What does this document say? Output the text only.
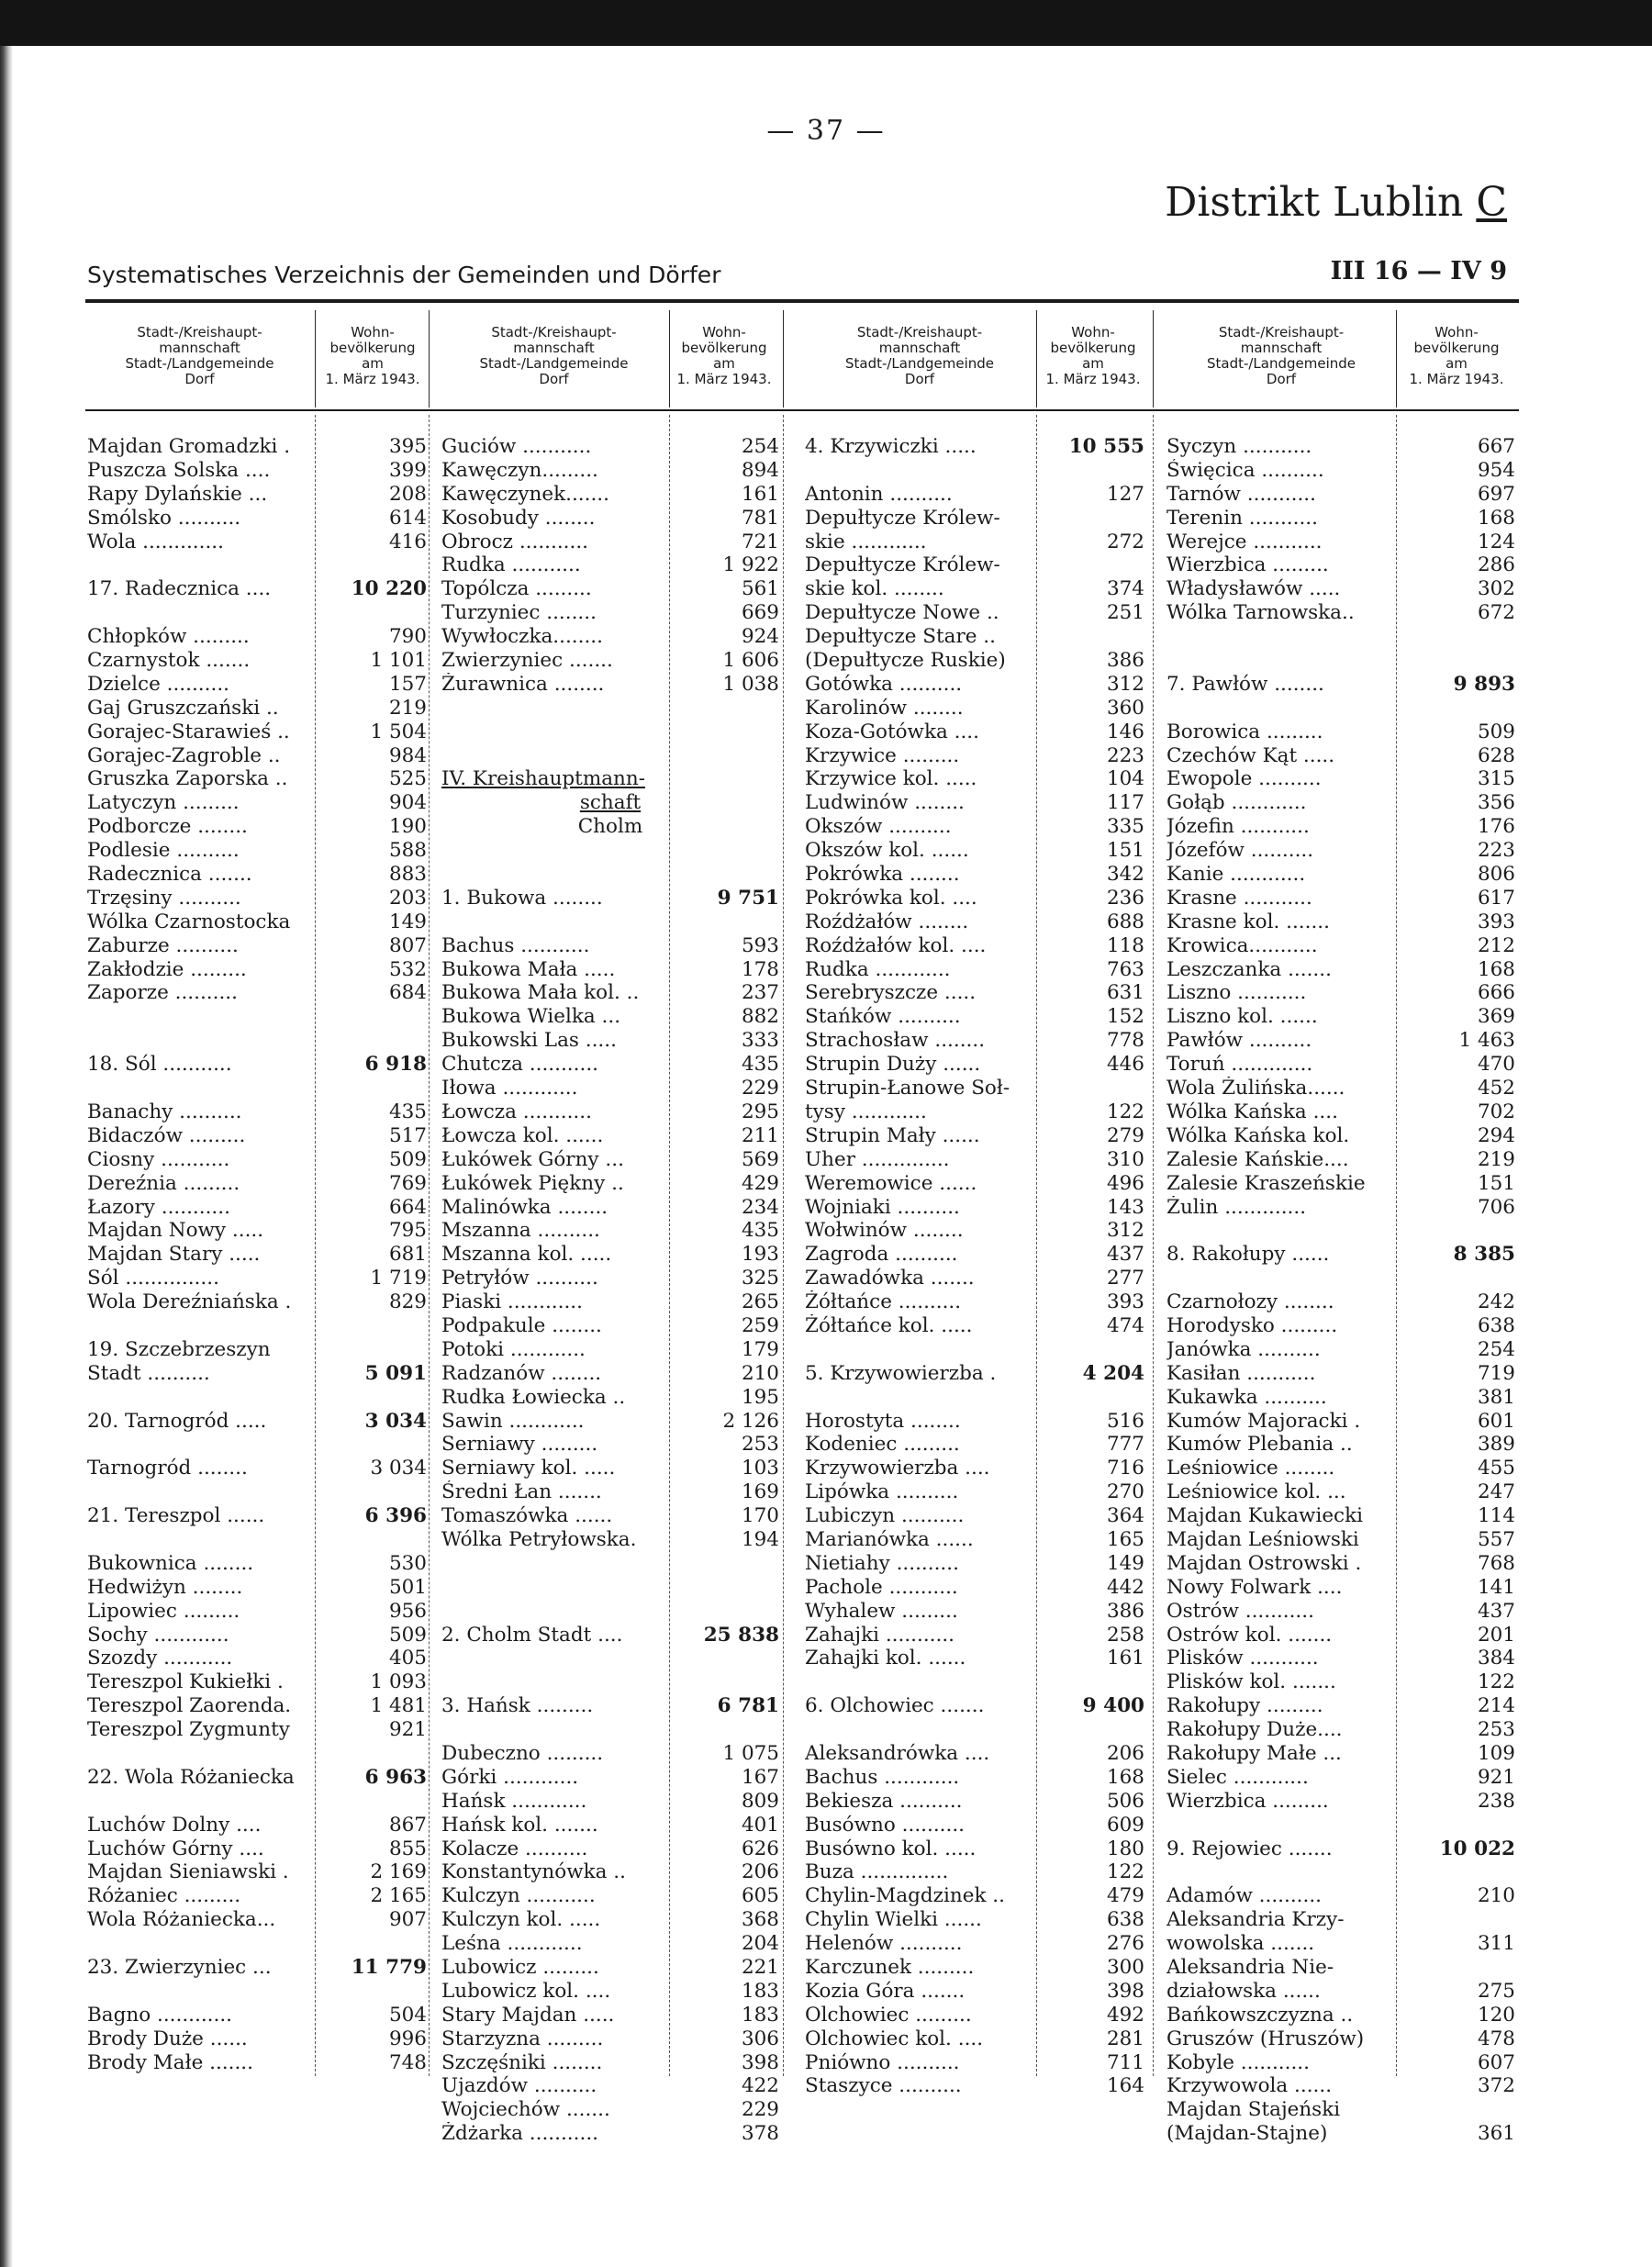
— 37 —
Distrikt Lublin C
Systematisches Verzeichnis der Gemeinden und Dörfer	III 16 — IV 9
Stadt-/Kreishaupt-
mannschaft
Stadt-/Landgemeinde
Dorf
Wohn-
bevölkerung
am
1. März 1943.
Stadt-/Kreishaupt-
mannschaft
Stadt-/Landgemeinde
Dorf
Wohn-
bevölkerung
am
1. März 1943.
Stadt-/Kreishaupt-
mannschaft
Stadt-/Landgemeinde
Dorf
Wohn-
bevölkerung
am
1. März 1943.
Stadt-/Kreishaupt-
mannschaft
Stadt-/Landgemeinde
Dorf
Wohn-
bevölkerung
am
1. März 1943.
Majdan Gromadzki .	395
Puszcza Solska ....	399
Rapy Dylańskie ...	208
Smólsko ..........	614
Wola .............	416
17. Radecznica ....	10 220
Chłopków .........	790
Czarnystok .......	1 101
Dzielce ..........	157
Gaj Gruszczański ..	219
Gorajec-Starawieś ..	1 504
Gorajec-Zagroble ..	984
Gruszka Zaporska ..	525
Latyczyn .........	904
Podborcze ........	190
Podlesie ..........	588
Radecznica .......	883
Trzęsiny ..........	203
Wólka Czarnostocka	149
Zaburze ..........	807
Zakłodzie .........	532
Zaporze ..........	684
18. Sól ...........	6 918
Banachy ..........	435
Bidaczów .........	517
Ciosny ...........	509
Dereźnia .........	769
Łazory ...........	664
Majdan Nowy .....	795
Majdan Stary .....	681
Sól ...............	1 719
Wola Dereźniańska .	829
19. Szczebrzeszyn
Stadt ..........	5 091
20. Tarnogród .....	3 034
Tarnogród ........	3 034
21. Tereszpol ......	6 396
Bukownica ........	530
Hedwiżyn ........	501
Lipowiec .........	956
Sochy ............	509
Szozdy ...........	405
Tereszpol Kukiełki .	1 093
Tereszpol Zaorenda.	1 481
Tereszpol Zygmunty	921
22. Wola Różaniecka	6 963
Luchów Dolny ....	867
Luchów Górny ....	855
Majdan Sieniawski .	2 169
Różaniec .........	2 165
Wola Różaniecka...	907
23. Zwierzyniec ...	11 779
Bagno ............	504
Brody Duże ......	996
Brody Małe .......	748
Guciów ...........	254
Kawęczyn.........	894
Kawęczynek.......	161
Kosobudy ........	781
Obrocz ...........	721
Rudka ...........	1 922
Topólcza .........	561
Turzyniec ........	669
Wywłoczka........	924
Zwierzyniec .......	1 606
Żurawnica ........	1 038
IV. Kreishauptmann-
schaft
Cholm
1. Bukowa ........	9 751
Bachus ...........	593
Bukowa Mała .....	178
Bukowa Mała kol. ..	237
Bukowa Wielka ...	882
Bukowski Las .....	333
Chutcza ...........	435
Iłowa ............	229
Łowcza ...........	295
Łowcza kol. ......	211
Łukówek Górny ...	569
Łukówek Piękny ..	429
Malinówka ........	234
Mszanna ..........	435
Mszanna kol. .....	193
Petryłów ..........	325
Piaski ............	265
Podpakule ........	259
Potoki ............	179
Radzanów ........	210
Rudka Łowiecka ..	195
Sawin ............	2 126
Serniawy .........	253
Serniawy kol. .....	103
Średni Łan .......	169
Tomaszówka ......	170
Wólka Petryłowska.	194
2. Cholm Stadt ....	25 838
3. Hańsk .........	6 781
Dubeczno .........	1 075
Górki ............	167
Hańsk ............	809
Hańsk kol. .......	401
Kolacze ..........	626
Konstantynówka ..	206
Kulczyn ...........	605
Kulczyn kol. .....	368
Leśna ............	204
Lubowicz .........	221
Lubowicz kol. ....	183
Stary Majdan .....	183
Starzyzna .........	306
Szczęśniki ........	398
Ujazdów ..........	422
Wojciechów .......	229
Żdżarka ...........	378
4. Krzywiczki .....	10 555
Antonin ..........	127
Depułtycze Królew-
skie ............	272
Depułtycze Królew-
skie kol. ........	374
Depułtycze Nowe ..	251
Depułtycze Stare ..
(Depułtycze Ruskie)	386
Gotówka ..........	312
Karolinów ........	360
Koza-Gotówka ....	146
Krzywice .........	223
Krzywice kol. .....	104
Ludwinów ........	117
Okszów ..........	335
Okszów kol. ......	151
Pokrówka ........	342
Pokrówka kol. ....	236
Roźdżałów ........	688
Roźdżałów kol. ....	118
Rudka ............	763
Serebryszcze .....	631
Stańków ..........	152
Strachosław ........	778
Strupin Duży ......	446
Strupin-Łanowe Soł-
tysy ............	122
Strupin Mały ......	279
Uher ..............	310
Weremowice ......	496
Wojniaki ..........	143
Wołwinów ........	312
Zagroda ..........	437
Zawadówka .......	277
Żółtańce ..........	393
Żółtańce kol. .....	474
5. Krzywowierzba .	4 204
Horostyta ........	516
Kodeniec .........	777
Krzywowierzba ....	716
Lipówka ..........	270
Lubiczyn ..........	364
Marianówka ......	165
Nietiahy ..........	149
Pachole ...........	442
Wyhalew .........	386
Zahajki ...........	258
Zahajki kol. ......	161
6. Olchowiec .......	9 400
Aleksandrówka ....	206
Bachus ............	168
Bekiesza ..........	506
Busówno ..........	609
Busówno kol. .....	180
Buza ..............	122
Chylin-Magdzinek ..	479
Chylin Wielki ......	638
Helenów ..........	276
Karczunek .........	300
Kozia Góra .......	398
Olchowiec .........	492
Olchowiec kol. ....	281
Pniówno ..........	711
Staszyce ..........	164
Syczyn ...........	667
Święcica ..........	954
Tarnów ...........	697
Terenin ...........	168
Werejce ...........	124
Wierzbica .........	286
Władysławów .....	302
Wólka Tarnowska..	672
7. Pawłów ........	9 893
Borowica .........	509
Czechów Kąt .....	628
Ewopole ..........	315
Gołąb ............	356
Józefin ...........	176
Józefów ..........	223
Kanie ............	806
Krasne ...........	617
Krasne kol. .......	393
Krowica...........	212
Leszczanka .......	168
Liszno ...........	666
Liszno kol. ......	369
Pawłów ..........	1 463
Toruń .............	470
Wola Żulińska......	452
Wólka Kańska ....	702
Wólka Kańska kol.	294
Zalesie Kańskie....	219
Zalesie Kraszeńskie	151
Żulin .............	706
8. Rakołupy ......	8 385
Czarnołozy ........	242
Horodysko .........	638
Janówka ..........	254
Kasiłan ...........	719
Kukawka ..........	381
Kumów Majoracki .	601
Kumów Plebania ..	389
Leśniowice ........	455
Leśniowice kol. ...	247
Majdan Kukawiecki	114
Majdan Leśniowski	557
Majdan Ostrowski .	768
Nowy Folwark ....	141
Ostrów ...........	437
Ostrów kol. .......	201
Plisków ...........	384
Plisków kol. .......	122
Rakołupy .........	214
Rakołupy Duże....	253
Rakołupy Małe ...	109
Sielec ............	921
Wierzbica .........	238
9. Rejowiec .......	10 022
Adamów ..........	210
Aleksandria Krzy-
wowolska .......	311
Aleksandria Nie-
działowska ......	275
Bańkowszczyzna ..	120
Gruszów (Hruszów)	478
Kobyle ...........	607
Krzywowola ......	372
Majdan Stajeński
(Majdan-Stajne)	361
